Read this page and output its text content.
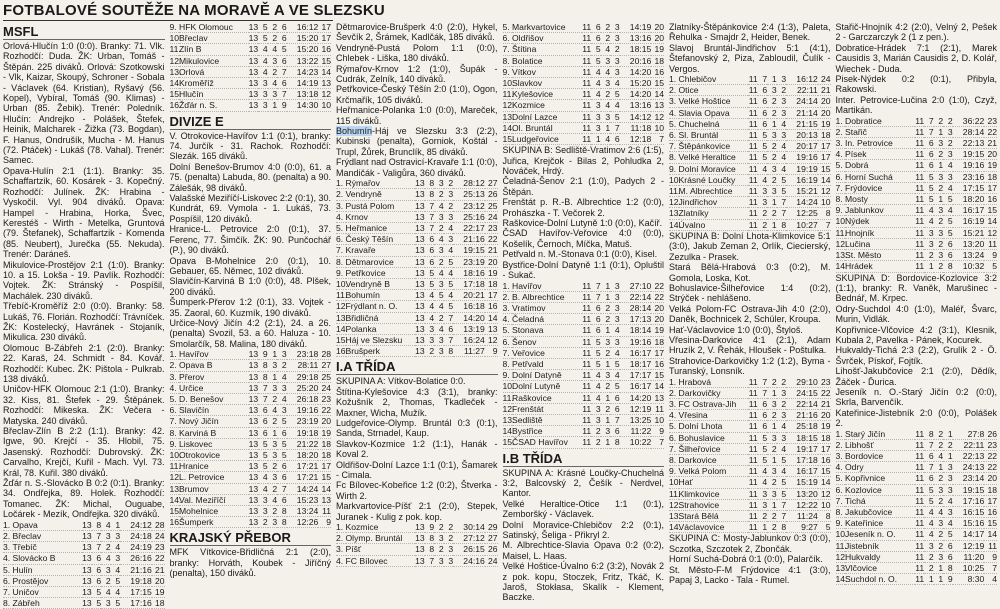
FOTBALOVÉ SOUTĚŽE NA MORAVĚ A VE SLEZSKU
MSFL

Orlová-Hlučín 1:0 (0:0). Branky: 71. Vlk. Rozhodčí: Duda. ŽK: Urban, Tomáš - Štěpán. 225 diváků. Orlová: Szotkowski - Vlk, Kaizar, Skoupý, Schroner - Sobala - Václavek (64. Kristian), Ryšavý (56. Kopel), Vybíral, Tomáš (90. Klimas) - Urban (85. Žebik). Trenér: Poledník. Hlučín: Andrejko - Polášek, Štefek, Heinik, Malcharek - Žižka (73. Bogdan), F. Hanus, Ondrušík, Mucha - M. Hanus (72. Ptáček) - Lukáš (78. Vahal). Trenér: Samec.

Opava-Hulín 2:1 (1:1). Branky: 35. Schaffartzik, 60. Kosárek - 3. Kopečný. Rozhodčí: Julínek. ŽK: Hrabina - Vyskočil. Vyl. 904 diváků. Opava: Hampel - Hrabina, Horka, Švec, Kerestéš - Wirth - Metelka, Gruntová (79. Štefanek), Schaffartzik - Komenda (85. Neubert), Jurečka (55. Nekuda). Trenér: Daráneš.

Mikulovice-Prostějov 2:1 (1:0). Branky: 10. a 15. Lokša - 19. Pavlík. Rozhodčí: Vojtek. ŽK: Stránský - Pospíšil, Machálek. 230 diváků.

Třebíč-Kroměříž 2:0 (0:0). Branky: 58. Lukáš, 76. Florián. Rozhodčí: Trávníček. ŽK: Kostelecký, Havránek - Stojaník, Mikulica. 230 diváků.

Olomouc B-Zábřeh 2:1 (2:0). Branky: 22. Karaš, 24. Schmidt - 84. Kovář. Rozhodčí: Kubec. ŽK: Pištola - Pulkrab. 138 diváků.

Uničov-HFK Olomouc 2:1 (1:0). Branky: 32. Kiss, 81. Štefek - 29. Štěpánek. Rozhodčí: Mikeska. ŽK: Večera - Matyska. 240 diváků.

Břeclav-Zlín B 2:2 (1:1). Branky: 42. Igwe, 90. Krejčí - 35. Hlobil, 75. Jasenský. Rozhodčí: Dubrovský. ŽK: Carvalho, Krejčí, Kuřil - Mach. Vyl. 73. Král, 78. Kuřil. 380 diváků.

Žďár n. S.-Slovácko B 0:2 (0:1). Branky: 34. Ondřejka, 89. Holek. Rozhodčí: Tomanec. ŽK: Michal, Ouguabe, Ločárek - Mezík, Ondřejka. 320 diváků.

1.	Opava	13	8	4	1	24:12	28
2.	Břeclav	13	7	3	3	24:18	24
3.	Třebíč	13	7	2	4	24:19	23
4.	Slovácko B	13	6	4	3	26:16	22
5.	Hulín	13	6	3	4	21:16	21
6.	Prostějov	13	6	2	5	19:18	20
7.	Uničov	13	5	4	4	17:15	19
8.	Zábřeh	13	5	3	5	17:16	18
9.	HFK Olomouc	13	5	2	6	16:12	17
10.	Břeclav	13	5	2	6	15:20	17
11.	Zlín B	13	4	4	5	15:20	16
12.	Mikulovice	13	4	3	6	13:22	15
13.	Orlová	13	4	2	7	14:23	14
14.	Kroměříž	13	3	4	6	14:19	13
15.	Hlučín	13	3	3	7	13:18	12
16.	Žďár n. S.	13	3	1	9	14:30	10
DIVIZE E

V. Otrokovice-Havířov 1:1 (0:1), branky: 74. Jurčík - 31. Rachok. Rozhodčí: Slezák. 165 diváků.

Dolní Benešov-Brumov 4:0 (0:0), 61. a 75. (penalta) Labuda, 80. (penalta) a 90. Zálešák, 98 diváků.

Valašské Meziříčí-Liskovec 2:2 (0:1), 30. Kundrát, 69. Vymola - 1. Lukáš, 73. Pospíšil, 120 diváků.

Hranice-L. Petrovice 2:0 (0:1), 37. Ferenc, 77. Šimčík. ŽK: 90. Punčochář (P.), 90 diváků.

Opava B-Mohelnice 2:0 (0:1), 10. Gebauer, 65. Němec, 102 diváků.

Slavičín-Karviná B 1:0 (0:0), 48. Plšek, 200 diváků.

Šumperk-Přerov 1:2 (0:1), 33. Vojtek - 35. Zaoral, 60. Kuzmík, 190 diváků.

Určice-Nový Jičín 4:2 (2:1), 24. a 26. (penalta) Svozil, 53. a 60. Haluza - 10. Smolarčík, 58. Malina, 180 diváků.

1.	Havířov	13	9	1	3	23:18	28
2.	Opava B	13	8	3	2	28:11	27
3.	Přerov	13	8	1	4	29:18	25
4.	Určice	13	7	3	3	25:20	24
5.	D. Benešov	13	7	2	4	26:18	23
6.	Slavičín	13	6	4	3	19:16	22
7.	Nový Jičín	13	6	2	5	23:19	20
8.	Karviná B	13	6	1	6	19:18	19
9.	Liskovec	13	5	3	5	21:22	18
10.	Otrokovice	13	5	3	5	18:20	18
11.	Hranice	13	5	2	6	17:21	17
12.	L. Petrovice	13	4	3	6	17:21	15
13.	Brumov	13	4	2	7	14:24	14
14.	Val. Meziříčí	13	3	4	6	15:23	13
15.	Mohelnice	13	3	2	8	13:24	11
16.	Šumperk	13	2	3	8	12:26	9
KRAJSKÝ PŘEBOR

MFK Vítkovice-Břidličná 2:1 (2:0), branky: Horváth, Koubek - Jiříčný (penalta), 150 diváků.

Dětmarovice-Brušperk 4:0 (2:0), Hykel, Ševčík 2, Šrámek, Kadlčák, 185 diváků.

Vendryně-Pustá Polom 1:1 (0:0), Chlebek - Liška, 180 diváků.

Rýmařov-Krnov 1:2 (1:0), Šupák - Cudrák, Zelník, 140 diváků.

Petřkovice-Český Těšín 2:0 (1:0), Ogon, Krčmařík, 105 diváků.

Heřmanice-Polanka 1:0 (0:0), Mareček, 115 diváků.

Bohumín-Háj ve Slezsku 3:3 (2:2), Kubinski (penalta), Gorniok, Koštál - Trupl, Žůrek, Brunclík, 85 diváků.

Frýdlant nad Ostravicí-Kravaře 1:1 (0:0), Mandičák - Valigůra, 360 diváků.

1.	Rýmařov	13	8	3	2	28:12	27
2.	Vendryně	13	8	2	3	25:13	26
3.	Pustá Polom	13	7	4	2	23:12	25
4.	Krnov	13	7	3	3	25:16	24
5.	Heřmanice	13	7	2	4	22:17	23
6.	Český Těšín	13	6	4	3	21:16	22
7.	Kravaře	13	6	3	4	19:15	21
8.	Dětmarovice	13	6	2	5	23:19	20
9.	Petřkovice	13	5	4	4	18:16	19
10.	Vendryně B	13	5	3	5	17:18	18
11.	Bohumín	13	4	5	4	20:21	17
12.	Frýdlant n. O.	13	4	4	5	16:18	16
13.	Břidličná	13	4	2	7	14:20	14
14.	Polanka	13	3	4	6	13:19	13
15.	Háj ve Slezsku	13	3	3	7	16:24	12
16.	Brušperk	13	2	3	8	11:27	9
I.A TŘÍDA

SKUPINA A: Vítkov-Bolatice 0:0.

Štítina-Kylešovice 4:3 (3:1), branky: Kožušník 2, Thomas, Tkadleček - Maxner, Wicha, Mužík.

Ludgeřovice-Olymp. Bruntál 0:3 (0:1), Sanda, Strnadel, Kaup.

Slavkov-Kozmice 1:2 (1:1), Hanák - Koval 2.

Oldřišov-Dolní Lazce 1:1 (0:1), Šamarek - Cimala.

Fc Bílovec-Kobeřice 1:2 (0:2), Štverka - Wirth 2.

Markvartovice-Píšť 2:1 (2:0), Stepek, Juranek - Kulig z pok. kop.

1.	Kozmice	13	9	2	2	30:14	29
2.	Olymp. Bruntál	13	8	3	2	27:12	27
3.	Píšť	13	8	2	3	26:15	26
4.	FC Bílovec	13	7	3	3	24:16	24
5.	Markvartovice	11	6	2	3	14:19	20
6.	Oldřišov	11	6	2	3	13:16	20
7.	Štítina	11	5	4	2	18:15	19
8.	Bolatice	11	5	3	3	20:16	18
9.	Vítkov	11	4	4	3	14:20	16
10.	Slavkov	11	4	3	4	15:20	15
11.	Kylešovice	11	4	2	5	14:20	14
12.	Kozmice	11	3	4	4	13:16	13
13.	Dolní Lazce	11	3	3	5	14:12	12
14.	Ol. Bruntál	11	3	1	7	11:18	10
15.	Ludgeřovice	11	1	4	6	12:18	7

SKUPINA B: Sedliště-Vratimov 2:6 (1:5), Juřica, Krejčok - Bilas 2, Pohludka 2, Nováček, Hrdý.

Čeladná-Šenov 2:1 (1:0), Padych 2 - Štěpán.

Frenštát p. R.-B. Albrechtice 1:2 (0:0), Prohászka - T. Večorek 2.

Raškovice-Dolní Lutyně 1:0 (0:0), Kačíř.

ČSAD Havířov-Veřovice 4:0 (0:0), Košelík, Černoch, Míčka, Matuš.

Petřvald n. M.-Stonava 0:1 (0:0), Kisel.

Bystřice-Dolní Datyně 1:1 (0:1), Opluštil - Sukač.

1.	Havířov	11	7	1	3	27:10	22
2.	B. Albrechtice	11	7	1	3	22:14	22
3.	Vratimov	11	6	2	3	28:14	20
4.	Čeladná	11	6	2	3	17:13	20
5.	Stonava	11	6	1	4	18:14	19
6.	Šenov	11	5	3	3	19:16	18
7.	Veřovice	11	5	2	4	16:17	17
8.	Petřvald	11	5	1	5	18:17	16
9.	Dolní Datyně	11	4	3	4	17:17	15
10.	Dolní Lutyně	11	4	2	5	16:17	14
11.	Raškovice	11	4	1	6	14:20	13
12.	Frenštát	11	3	2	6	12:19	11
13.	Sedliště	11	3	1	7	13:25	10
14.	Bystřice	11	2	3	6	11:22	9
15.	ČSAD Havířov	11	2	1	8	10:22	7
I.B TŘÍDA

SKUPINA A: Krásné Loučky-Chuchelná 3:2, Balcovský 2, Češík - Nerdvel, Kantor.

Velké Heraltice-Otice 1:1 (0:1), Zemboršký - Václavek.

Dolní Moravice-Chlebičov 2:2 (0:1), Satinský, Šeliga - Přikryl 2.

M. Albrechtice-Slavia Opava 0:2 (0:2), Maisel, L. Haas.

Velké Hoštice-Úvalno 6:2 (3:2), Novák 2 z pok. kopu, Stoczek, Fritz, Tkáč, K. Jaroš, Stokłasa, Skalík - Klement, Baczke.

Zlatníky-Štěpánkovice 2:4 (1:3), Paleta, Řehulka - Smajdr 2, Heider, Benek.

Slavoj Bruntál-Jindřichov 5:1 (4:1), Štefanovský 2, Piza, Zabloudil, Čulík - Vergos.

1.	Chlebičov	11	7	1	3	16:12	24
2.	Otice	11	6	3	2	22:11	21
3.	Velké Hoštice	11	6	2	3	24:14	20
4.	Slavia Opava	11	6	2	3	21:14	20
5.	Chuchelná	11	6	1	4	21:15	19
6.	Sl. Bruntál	11	5	3	3	20:13	18
7.	Štěpánkovice	11	5	2	4	20:17	17
8.	Velké Heraltice	11	5	2	4	19:16	17
9.	Dolní Moravice	11	4	3	4	19:19	15
10.	Krásné Loučky	11	4	2	5	16:19	14
11.	M. Albrechtice	11	3	3	5	15:21	12
12.	Jindřichov	11	3	1	7	14:24	10
13.	Zlatníky	11	2	2	7	12:25	8
14.	Úvalno	11	2	1	8	10:27	7

SKUPINA B: Dolní Lhota-Klimkovice 5:1 (3:0), Jakub Zeman 2, Orlík, Ciecierský, Zezulka - Prasek.

Stará Bělá-Hrabová 0:3 (0:2), M. Gomola, Loska, Kot.

Bohuslavice-Šilheřovice 1:4 (0:2), Strýček - nehlášeno.

Velká Polom-FC Ostrava-Jih 4:0 (2:0), Daněk, Bochnicek 2, Schüler, Kroupa.

Hať-Václavovice 1:0 (0:0), Štyloš.

Vřesina-Darkovice 4:1 (2:1), Adam Hruzík 2, V. Řehák, Hloušek - Poštulka.

Strahovice-Darkovičky 1:2 (1:2), Byma - Turanský, Lonsník.

1.	Hrabová	11	7	2	2	29:10	23
2.	Darkovičky	11	7	1	3	24:15	22
3.	FC Ostrava-Jih	11	6	3	2	22:14	21
4.	Vřesina	11	6	2	3	21:16	20
5.	Dolní Lhota	11	6	1	4	25:18	19
6.	Bohuslavice	11	5	3	3	18:15	18
7.	Šilheřovice	11	5	2	4	19:17	17
8.	Darkovice	11	5	1	5	17:18	16
9.	Velká Polom	11	4	3	4	16:17	15
10.	Hať	11	4	2	5	15:19	14
11.	Klimkovice	11	3	3	5	13:20	12
12.	Strahovice	11	3	1	7	12:22	10
13.	Stará Bělá	11	2	2	7	11:24	8
14.	Václavovice	11	1	2	8	9:27	5

SKUPINA C: Mosty-Jablunkov 0:3 (0:0), Sczotka, Szczotek 2, Zbončák.

Horní Suchá-Dobrá 0:1 (0:0), Palarčík.

St. Město-F-M Frýdovice 4:1 (3:0), Papaj 3, Lacko - Tala - Rumel.

Stařič-Hnojník 4:2 (2:0), Velný 2, Pešek 2 - Garczarczyk 2 (1 z pen.).

Dobratice-Hrádek 7:1 (2:1), Marek Causidis 3, Marián Causidis 2, D. Kolář, Wiechek - Duda.

Pisek-Nýdek 0:2 (0:1), Přibyla, Rakowski.

Inter. Petrovice-Lučina 2:0 (1:0), Czyž, Martikán.

1.	Dobratice	11	7	2	2	36:22	23
2.	Stařič	11	7	1	3	28:14	22
3.	In. Petrovice	11	6	3	2	22:13	21
4.	Písek	11	6	2	3	19:15	20
5.	Dobrá	11	6	1	4	19:16	19
6.	Horní Suchá	11	5	3	3	23:16	18
7.	Frýdovice	11	5	2	4	17:15	17
8.	Mosty	11	5	1	5	18:20	16
9.	Jablunkov	11	4	3	4	16:17	15
10.	Nýdek	11	4	2	5	16:19	14
11.	Hnojník	11	3	3	5	15:21	12
12.	Lučina	11	3	2	6	13:20	11
13.	St. Město	11	2	3	6	13:24	9
14.	Hrádek	11	1	2	8	10:32	5

SKUPINA D: Bordovice-Kozlovice 3:2 (1:1), branky: R. Vaněk, Marušinec - Bednář, M. Krpec.

Odry-Suchdol 4:0 (1:0), Maléř, Švarc, Murin, Vidlák.

Kopřivnice-Vlčovice 4:2 (3:1), Klesnik, Kubala 2, Pavelka - Pánek, Kocurek.

Hukvaldy-Tichá 2:3 (2:2), Grulík 2 - Ö. Švrček, Pískoř, Fojtík.

Lihošť-Jakubčovice 2:1 (2:0), Dědík, Žáček - Ďurica.

Jeseník n. O.-Starý Jičín 0:2 (0:0), Skrla, Barvenčík.

Kateřinice-Jistebník 2:0 (0:0), Polášek 2.

1.	Starý Jičín	11	8	2	1	27:8	26
2.	Libhošť	11	7	2	2	22:11	23
3.	Bordovice	11	6	4	1	22:13	22
4.	Odry	11	7	1	3	24:13	22
5.	Kopřivnice	11	6	2	3	23:14	20
6.	Kozlovice	11	5	3	3	19:15	18
7.	Tichá	11	5	2	4	17:16	17
8.	Jakubčovice	11	4	4	3	16:15	16
9.	Kateřinice	11	4	3	4	15:16	15
10.	Jeseník n. O.	11	4	2	5	14:17	14
11.	Jistebník	11	3	2	6	12:19	11
12.	Hukvaldy	11	2	3	6	11:20	9
13.	Vlčovice	11	2	1	8	10:25	7
14.	Suchdol n. O.	11	1	1	9	8:30	4
